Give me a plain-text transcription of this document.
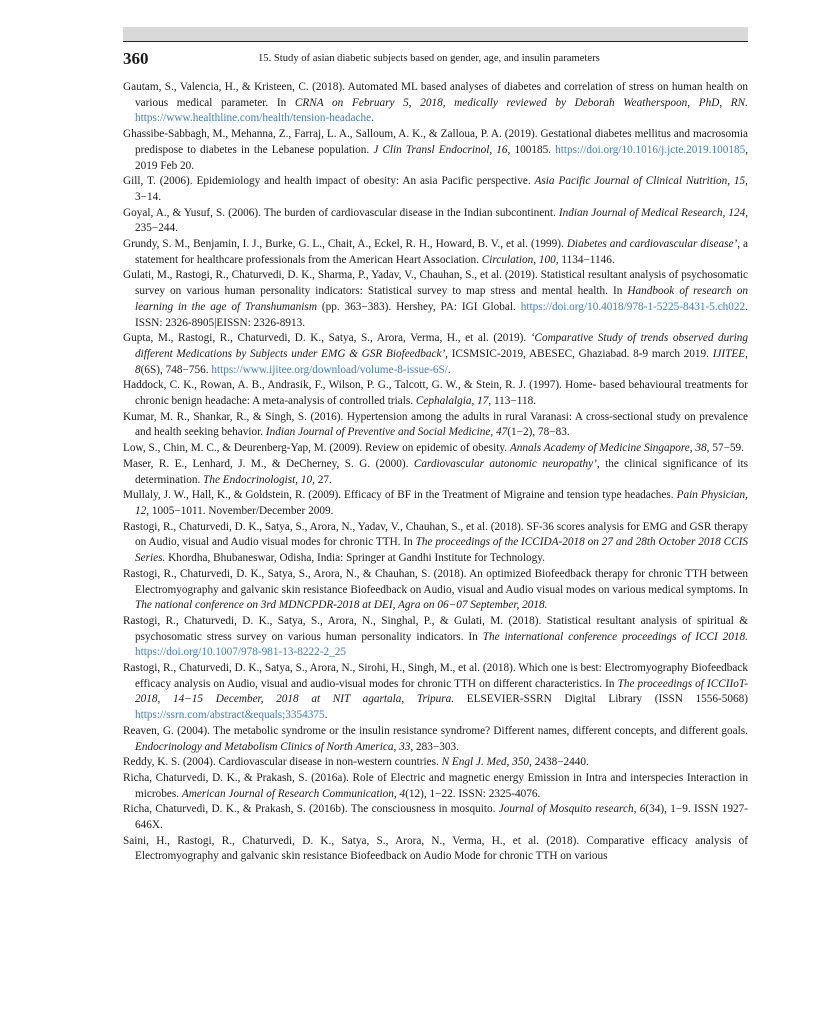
360	15. Study of asian diabetic subjects based on gender, age, and insulin parameters
Gautam, S., Valencia, H., & Kristeen, C. (2018). Automated ML based analyses of diabetes and correlation of stress on human health on various medical parameter. In CRNA on February 5, 2018, medically reviewed by Deborah Weatherspoon, PhD, RN. https://www.healthline.com/health/tension-headache.
Ghassibe-Sabbagh, M., Mehanna, Z., Farraj, L. A., Salloum, A. K., & Zalloua, P. A. (2019). Gestational diabetes mellitus and macrosomia predispose to diabetes in the Lebanese population. J Clin Transl Endocrinol, 16, 100185. https://doi.org/10.1016/j.jcte.2019.100185, 2019 Feb 20.
Gill, T. (2006). Epidemiology and health impact of obesity: An asia Pacific perspective. Asia Pacific Journal of Clinical Nutrition, 15, 3−14.
Goyal, A., & Yusuf, S. (2006). The burden of cardiovascular disease in the Indian subcontinent. Indian Journal of Medical Research, 124, 235−244.
Grundy, S. M., Benjamin, I. J., Burke, G. L., Chait, A., Eckel, R. H., Howard, B. V., et al. (1999). Diabetes and cardiovascular disease’, a statement for healthcare professionals from the American Heart Association. Circulation, 100, 1134−1146.
Gulati, M., Rastogi, R., Chaturvedi, D. K., Sharma, P., Yadav, V., Chauhan, S., et al. (2019). Statistical resultant analysis of psychosomatic survey on various human personality indicators: Statistical survey to map stress and mental health. In Handbook of research on learning in the age of Transhumanism (pp. 363−383). Hershey, PA: IGI Global. https://doi.org/10.4018/978-1-5225-8431-5.ch022. ISSN: 2326-8905|EISSN: 2326-8913.
Gupta, M., Rastogi, R., Chaturvedi, D. K., Satya, S., Arora, Verma, H., et al. (2019). ‘Comparative Study of trends observed during different Medications by Subjects under EMG & GSR Biofeedback’, ICSMSIC-2019, ABESEC, Ghaziabad. 8-9 march 2019. IJITEE, 8(6S), 748−756. https://www.ijitee.org/download/volume-8-issue-6S/.
Haddock, C. K., Rowan, A. B., Andrasik, F., Wilson, P. G., Talcott, G. W., & Stein, R. J. (1997). Home- based behavioural treatments for chronic benign headache: A meta-analysis of controlled trials. Cephalalgia, 17, 113−118.
Kumar, M. R., Shankar, R., & Singh, S. (2016). Hypertension among the adults in rural Varanasi: A cross-sectional study on prevalence and health seeking behavior. Indian Journal of Preventive and Social Medicine, 47(1−2), 78−83.
Low, S., Chin, M. C., & Deurenberg-Yap, M. (2009). Review on epidemic of obesity. Annals Academy of Medicine Singapore, 38, 57−59.
Maser, R. E., Lenhard, J. M., & DeCherney, S. G. (2000). Cardiovascular autonomic neuropathy’, the clinical significance of its determination. The Endocrinologist, 10, 27.
Mullaly, J. W., Hall, K., & Goldstein, R. (2009). Efficacy of BF in the Treatment of Migraine and tension type headaches. Pain Physician, 12, 1005−1011. November/December 2009.
Rastogi, R., Chaturvedi, D. K., Satya, S., Arora, N., Yadav, V., Chauhan, S., et al. (2018). SF-36 scores analysis for EMG and GSR therapy on Audio, visual and Audio visual modes for chronic TTH. In The proceedings of the ICCIDA-2018 on 27 and 28th October 2018 CCIS Series. Khordha, Bhubaneswar, Odisha, India: Springer at Gandhi Institute for Technology.
Rastogi, R., Chaturvedi, D. K., Satya, S., Arora, N., & Chauhan, S. (2018). An optimized Biofeedback therapy for chronic TTH between Electromyography and galvanic skin resistance Biofeedback on Audio, visual and Audio visual modes on various medical symptoms. In The national conference on 3rd MDNCPDR-2018 at DEI, Agra on 06−07 September, 2018.
Rastogi, R., Chaturvedi, D. K., Satya, S., Arora, N., Singhal, P., & Gulati, M. (2018). Statistical resultant analysis of spiritual & psychosomatic stress survey on various human personality indicators. In The international conference proceedings of ICCI 2018. https://doi.org/10.1007/978-981-13-8222-2_25
Rastogi, R., Chaturvedi, D. K., Satya, S., Arora, N., Sirohi, H., Singh, M., et al. (2018). Which one is best: Electromyography Biofeedback efficacy analysis on Audio, visual and audio-visual modes for chronic TTH on different characteristics. In The proceedings of ICCIIoT- 2018, 14−15 December, 2018 at NIT agartala, Tripura. ELSEVIER-SSRN Digital Library (ISSN 1556-5068) https://ssrn.com/abstract&equals;3354375.
Reaven, G. (2004). The metabolic syndrome or the insulin resistance syndrome? Different names, different concepts, and different goals. Endocrinology and Metabolism Clinics of North America, 33, 283−303.
Reddy, K. S. (2004). Cardiovascular disease in non-western countries. N Engl J. Med, 350, 2438−2440.
Richa, Chaturvedi, D. K., & Prakash, S. (2016a). Role of Electric and magnetic energy Emission in Intra and interspecies Interaction in microbes. American Journal of Research Communication, 4(12), 1−22. ISSN: 2325-4076.
Richa, Chaturvedi, D. K., & Prakash, S. (2016b). The consciousness in mosquito. Journal of Mosquito research, 6(34), 1−9. ISSN 1927-646X.
Saini, H., Rastogi, R., Chaturvedi, D. K., Satya, S., Arora, N., Verma, H., et al. (2018). Comparative efficacy analysis of Electromyography and galvanic skin resistance Biofeedback on Audio Mode for chronic TTH on various
